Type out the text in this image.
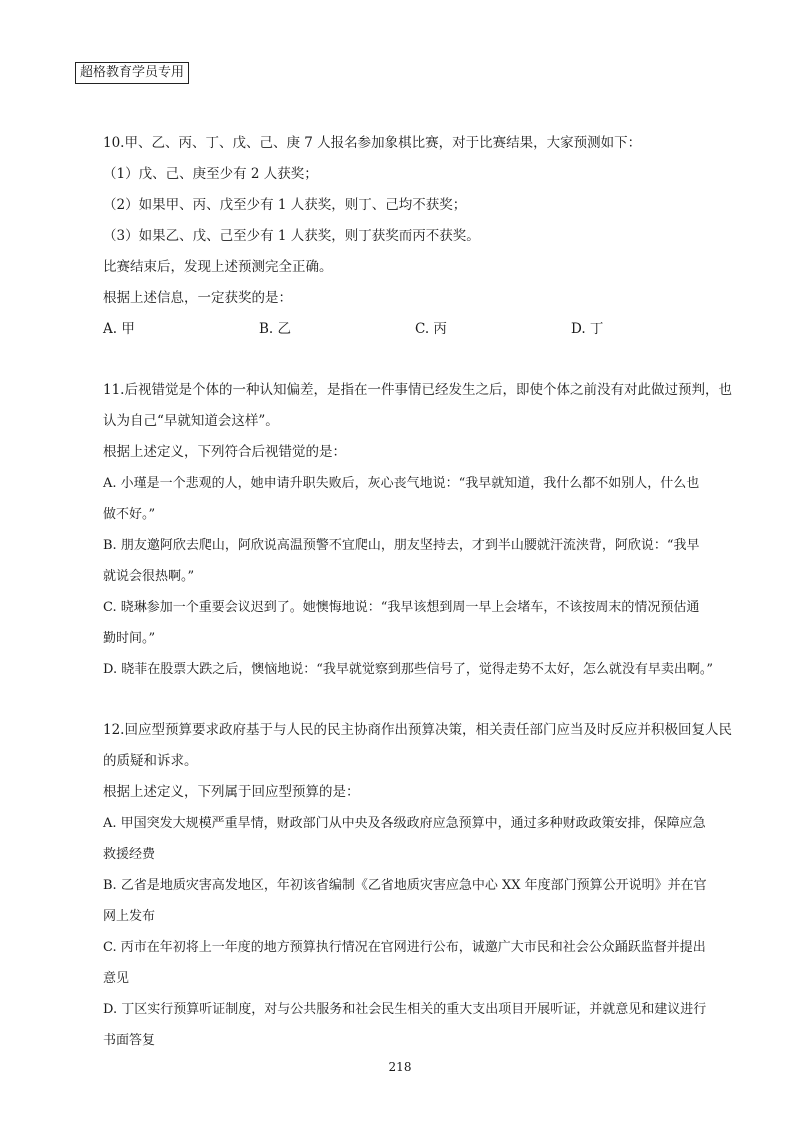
超格教育学员专用

10.甲、乙、丙、丁、戊、己、庚 7 人报名参加象棋比赛，对于比赛结果，大家预测如下：

（1）戊、己、庚至少有 2 人获奖；

（2）如果甲、丙、戊至少有 1 人获奖，则丁、己均不获奖；

（3）如果乙、戊、己至少有 1 人获奖，则丁获奖而丙不获奖。

比赛结束后，发现上述预测完全正确。

根据上述信息，一定获奖的是：

A. 甲	B. 乙	C. 丙	D. 丁

11.后视错觉是个体的一种认知偏差，是指在一件事情已经发生之后，即使个体之前没有对此做过预判，也

认为自己“早就知道会这样”。

根据上述定义，下列符合后视错觉的是：

A. 小瑾是一个悲观的人，她申请升职失败后，灰心丧气地说：“我早就知道，我什么都不如别人，什么也

做不好。”

B. 朋友邀阿欣去爬山，阿欣说高温预警不宜爬山，朋友坚持去，才到半山腰就汗流浃背，阿欣说：“我早

就说会很热啊。”

C. 晓琳参加一个重要会议迟到了。她懊悔地说：“我早该想到周一早上会堵车，不该按周末的情况预估通

勤时间。”

D. 晓菲在股票大跌之后，懊恼地说：“我早就觉察到那些信号了，觉得走势不太好，怎么就没有早卖出啊。”

12.回应型预算要求政府基于与人民的民主协商作出预算决策，相关责任部门应当及时反应并积极回复人民

的质疑和诉求。

根据上述定义，下列属于回应型预算的是：

A. 甲国突发大规模严重旱情，财政部门从中央及各级政府应急预算中，通过多种财政政策安排，保障应急

救援经费

B. 乙省是地质灾害高发地区，年初该省编制《乙省地质灾害应急中心 XX 年度部门预算公开说明》并在官

网上发布

C. 丙市在年初将上一年度的地方预算执行情况在官网进行公布，诚邀广大市民和社会公众踊跃监督并提出

意见

D. 丁区实行预算听证制度，对与公共服务和社会民生相关的重大支出项目开展听证，并就意见和建议进行

书面答复

218
